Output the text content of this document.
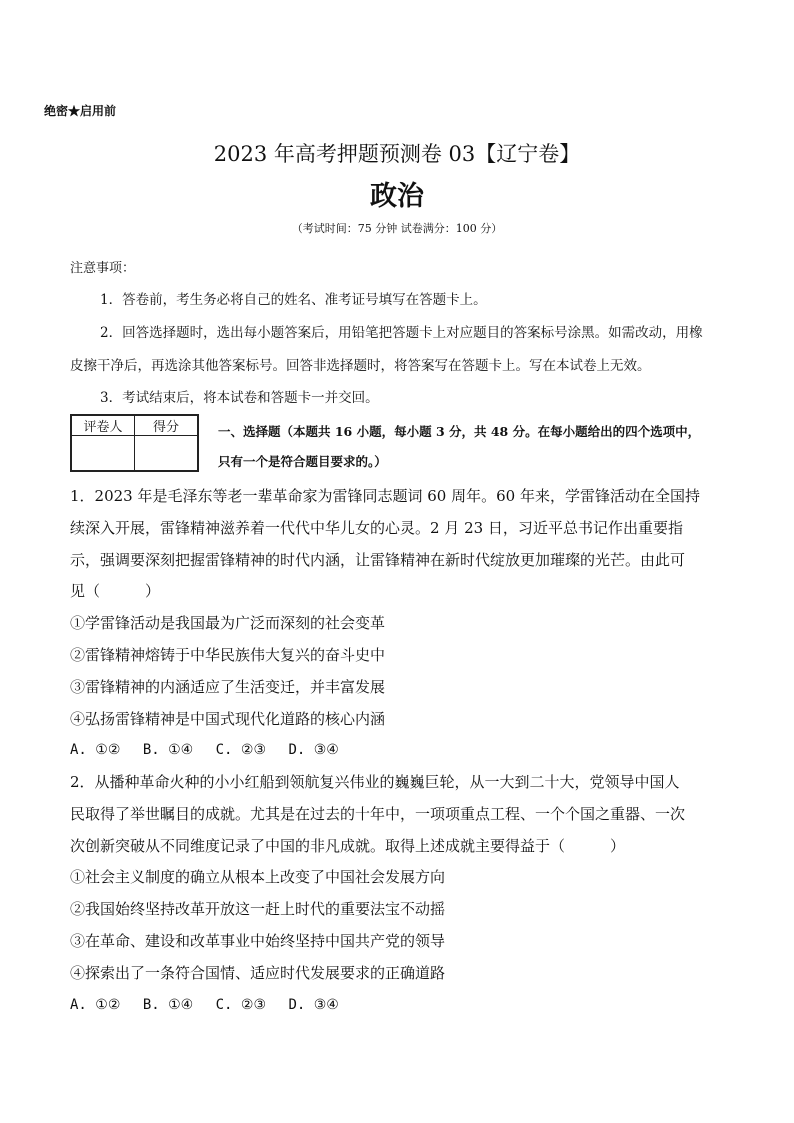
绝密★启用前
2023 年高考押题预测卷 03【辽宁卷】
政治
（考试时间：75 分钟 试卷满分：100 分）
注意事项：
1．答卷前，考生务必将自己的姓名、准考证号填写在答题卡上。
2．回答选择题时，选出每小题答案后，用铅笔把答题卡上对应题目的答案标号涂黑。如需改动，用橡
皮擦干净后，再选涂其他答案标号。回答非选择题时，将答案写在答题卡上。写在本试卷上无效。
3．考试结束后，将本试卷和答题卡一并交回。
评卷人	得分
		一、选择题（本题共 16 小题，每小题 3 分，共 48 分。在每小题给出的四个选项中，
只有一个是符合题目要求的。）
1．2023 年是毛泽东等老一辈革命家为雷锋同志题词 60 周年。60 年来，学雷锋活动在全国持
续深入开展，雷锋精神滋养着一代代中华儿女的心灵。2 月 23 日，习近平总书记作出重要指
示，强调要深刻把握雷锋精神的时代内涵，让雷锋精神在新时代绽放更加璀璨的光芒。由此可
见（　　　）
①学雷锋活动是我国最为广泛而深刻的社会变革
②雷锋精神熔铸于中华民族伟大复兴的奋斗史中
③雷锋精神的内涵适应了生活变迁，并丰富发展
④弘扬雷锋精神是中国式现代化道路的核心内涵
A. ①②　 B. ①④　 C. ②③　 D. ③④
2．从播种革命火种的小小红船到领航复兴伟业的巍巍巨轮，从一大到二十大，党领导中国人
民取得了举世瞩目的成就。尤其是在过去的十年中，一项项重点工程、一个个国之重器、一次
次创新突破从不同维度记录了中国的非凡成就。取得上述成就主要得益于（　　　）
①社会主义制度的确立从根本上改变了中国社会发展方向
②我国始终坚持改革开放这一赶上时代的重要法宝不动摇
③在革命、建设和改革事业中始终坚持中国共产党的领导
④探索出了一条符合国情、适应时代发展要求的正确道路
A. ①②　 B. ①④　 C. ②③　 D. ③④
